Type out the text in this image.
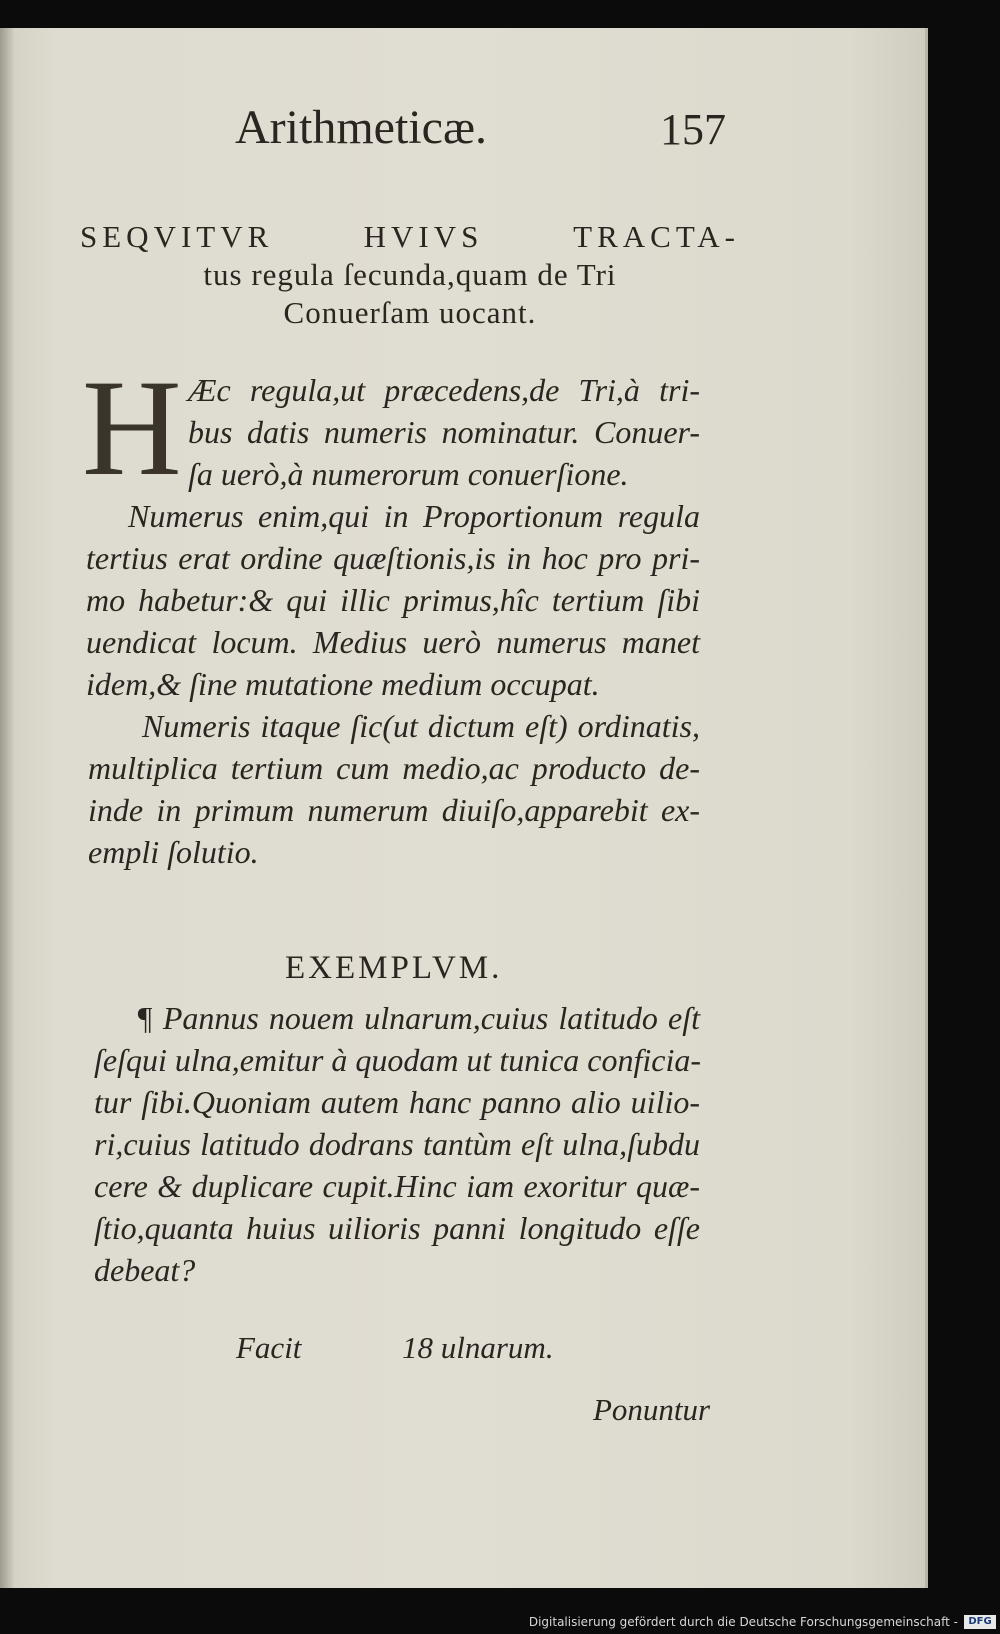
Arithmeticæ.	157
SEQVITVR HVIVS TRACTA-
tus regula ſecunda,quam de Tri
Conuerſam uocant.
H Æc regula,ut præcedens,de Tri,à tri-
bus datis numeris nominatur. Conuer-
ſa uerò,à numerorum conuerſione.
Numerus enim,qui in Proportionum regula
tertius erat ordine quæſtionis,is in hoc pro pri-
mo habetur:& qui illic primus,hîc tertium ſibi
uendicat locum. Medius uerò numerus manet
idem,& ſine mutatione medium occupat.
Numeris itaque ſic(ut dictum eſt) ordinatis,
multiplica tertium cum medio,ac producto de-
inde in primum numerum diuiſo,apparebit ex-
empli ſolutio.
EXEMPLVM.
¶ Pannus nouem ulnarum,cuius latitudo eſt
ſeſqui ulna,emitur à quodam ut tunica conficia-
tur ſibi.Quoniam autem hanc panno alio uilio-
ri,cuius latitudo dodrans tantùm eſt ulna,ſubdu
cere & duplicare cupit.Hinc iam exoritur quæ-
ſtio,quanta huius uilioris panni longitudo eſſe
debeat?
Facit	18 ulnarum.
Ponuntur
Digitalisierung gefördert durch die Deutsche Forschungsgemeinschaft -	DFG
